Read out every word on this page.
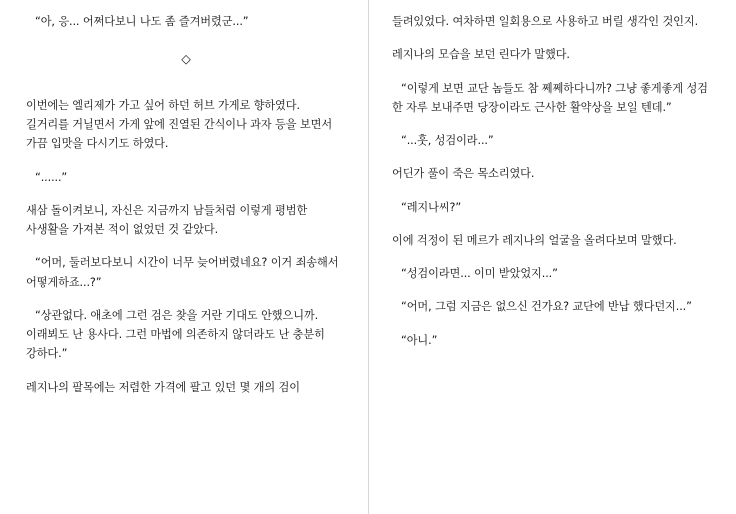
“아, 응... 어쩌다보니 나도 좀 즐겨버렸군...”

◇

이번에는 엘리제가 가고 싶어 하던 허브 가게로 향하였다. 길거리를 거닐면서 가게 앞에 진열된 간식이나 과자 등을 보면서 가끔 입맛을 다시기도 하였다.

“......”

새삼 돌이켜보니, 자신은 지금까지 남들처럼 이렇게 평범한 사생활을 가져본 적이 없었던 것 같았다.

“어머, 둘러보다보니 시간이 너무 늦어버렸네요? 이거 죄송해서 어떻게하죠...?”

“상관없다. 애초에 그런 검은 찾을 거란 기대도 안했으니까. 이래뵈도 난 용사다. 그런 마법에 의존하지 않더라도 난 충분히 강하다.”

레지나의 팔목에는 저렴한 가격에 팔고 있던 몇 개의 검이

들려있었다. 여차하면 일회용으로 사용하고 버릴 생각인 것인지.

레지나의 모습을 보던 린다가 말했다.

“이렇게 보면 교단 놈들도 참 쩨쩨하다니까? 그냥 좋게좋게 성검 한 자루 보내주면 당장이라도 근사한 활약상을 보일 텐데.”

“...훗, 성검이라...”

어딘가 풀이 죽은 목소리였다.

“레지나씨?”

이에 걱정이 된 메르가 레지나의 얼굴을 올려다보며 말했다.

“성검이라면... 이미 받았었지...”

“어머, 그럼 지금은 없으신 건가요? 교단에 반납 했다던지...”

“아니.”
